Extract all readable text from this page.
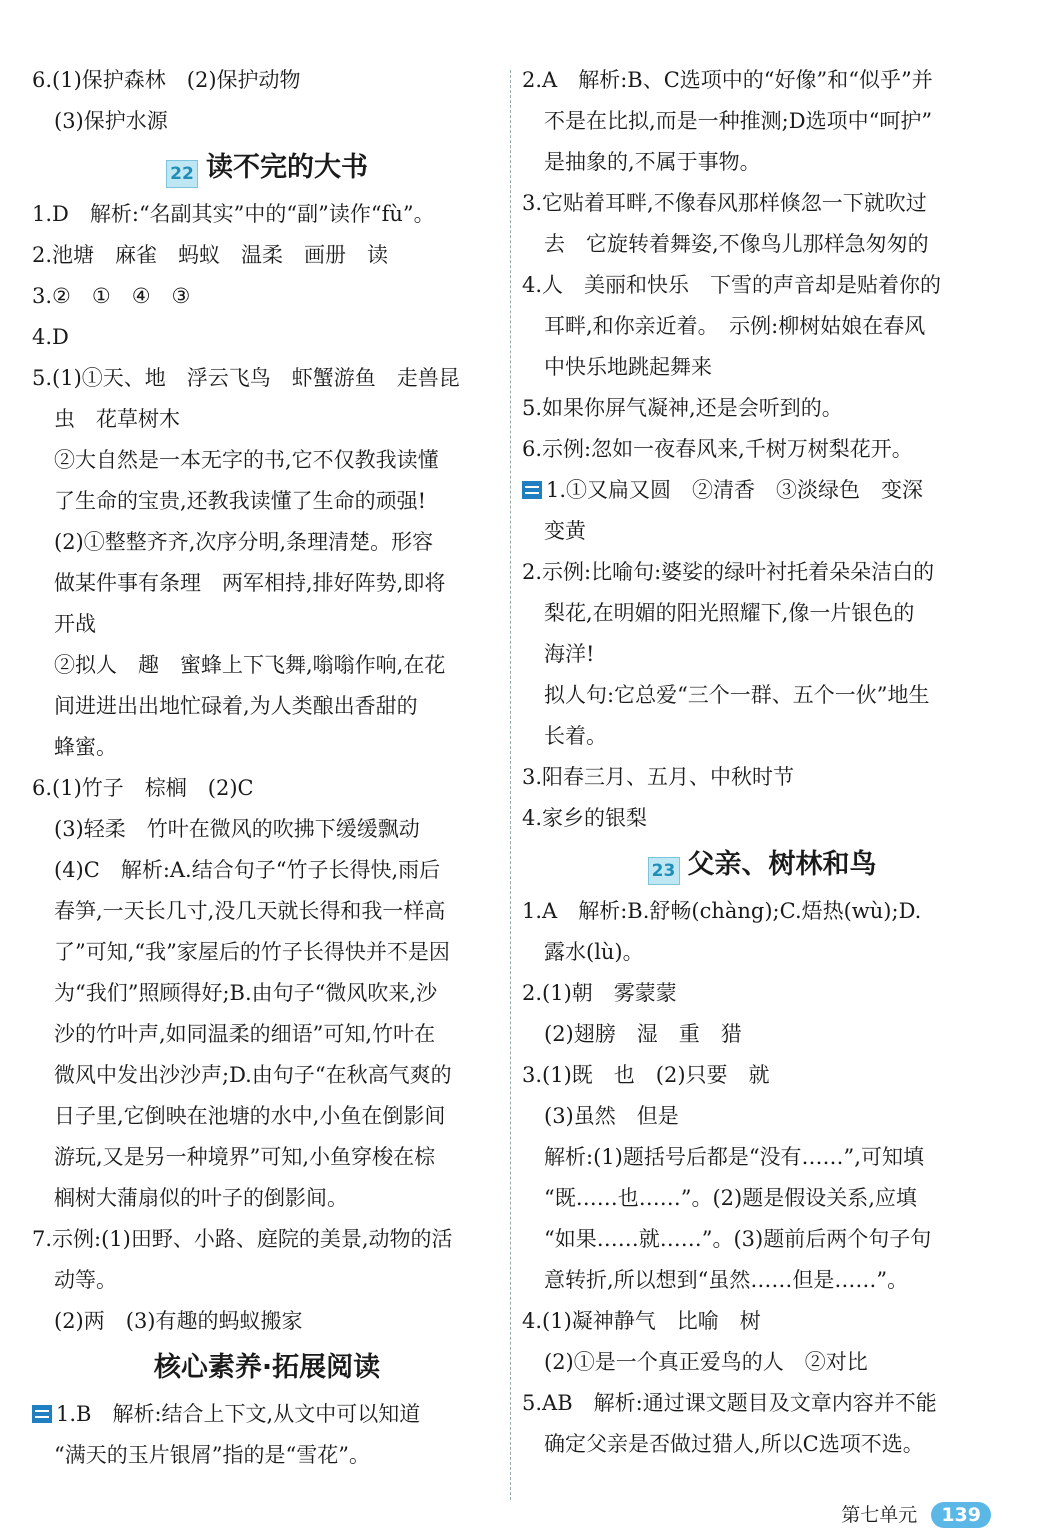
6.(1)保护森林　(2)保护动物
(3)保护水源
22 读不完的大书
1.D　解析:“名副其实”中的“副”读作“fù”。
2.池塘　麻雀　蚂蚁　温柔　画册　读
3.②　①　④　③
4.D
5.(1)①天、地　浮云飞鸟　虾蟹游鱼　走兽昆
虫　花草树木
②大自然是一本无字的书,它不仅教我读懂
了生命的宝贵,还教我读懂了生命的顽强!
(2)①整整齐齐,次序分明,条理清楚。形容
做某件事有条理　两军相持,排好阵势,即将
开战
②拟人　趣　蜜蜂上下飞舞,嗡嗡作响,在花
间进进出出地忙碌着,为人类酿出香甜的
蜂蜜。
6.(1)竹子　棕榈　(2)C
(3)轻柔　竹叶在微风的吹拂下缓缓飘动
(4)C　解析:A.结合句子“竹子长得快,雨后
春笋,一天长几寸,没几天就长得和我一样高
了”可知,“我”家屋后的竹子长得快并不是因
为“我们”照顾得好;B.由句子“微风吹来,沙
沙的竹叶声,如同温柔的细语”可知,竹叶在
微风中发出沙沙声;D.由句子“在秋高气爽的
日子里,它倒映在池塘的水中,小鱼在倒影间
游玩,又是另一种境界”可知,小鱼穿梭在棕
榈树大蒲扇似的叶子的倒影间。
7.示例:(1)田野、小路、庭院的美景,动物的活
动等。
(2)两　(3)有趣的蚂蚁搬家
核心素养·拓展阅读
1.B　解析:结合上下文,从文中可以知道
“满天的玉片银屑”指的是“雪花”。
2.A　解析:B、C选项中的“好像”和“似乎”并
不是在比拟,而是一种推测;D选项中“呵护”
是抽象的,不属于事物。
3.它贴着耳畔,不像春风那样倏忽一下就吹过
去　它旋转着舞姿,不像鸟儿那样急匆匆的
4.人　美丽和快乐　下雪的声音却是贴着你的
耳畔,和你亲近着。　示例:柳树姑娘在春风
中快乐地跳起舞来
5.如果你屏气凝神,还是会听到的。
6.示例:忽如一夜春风来,千树万树梨花开。
1.①又扁又圆　②清香　③淡绿色　变深
变黄
2.示例:比喻句:婆娑的绿叶衬托着朵朵洁白的
梨花,在明媚的阳光照耀下,像一片银色的
海洋!
拟人句:它总爱“三个一群、五个一伙”地生
长着。
3.阳春三月、五月、中秋时节
4.家乡的银梨
23 父亲、树林和鸟
1.A　解析:B.舒畅(chàng);C.焐热(wù);D.
露水(lù)。
2.(1)朝　雾蒙蒙
(2)翅膀　湿　重　猎
3.(1)既　也　(2)只要　就
(3)虽然　但是
解析:(1)题括号后都是“没有……”,可知填
“既……也……”。(2)题是假设关系,应填
“如果……就……”。(3)题前后两个句子句
意转折,所以想到“虽然……但是……”。
4.(1)凝神静气　比喻　树
(2)①是一个真正爱鸟的人　②对比
5.AB　解析:通过课文题目及文章内容并不能
确定父亲是否做过猎人,所以C选项不选。
第七单元 139
